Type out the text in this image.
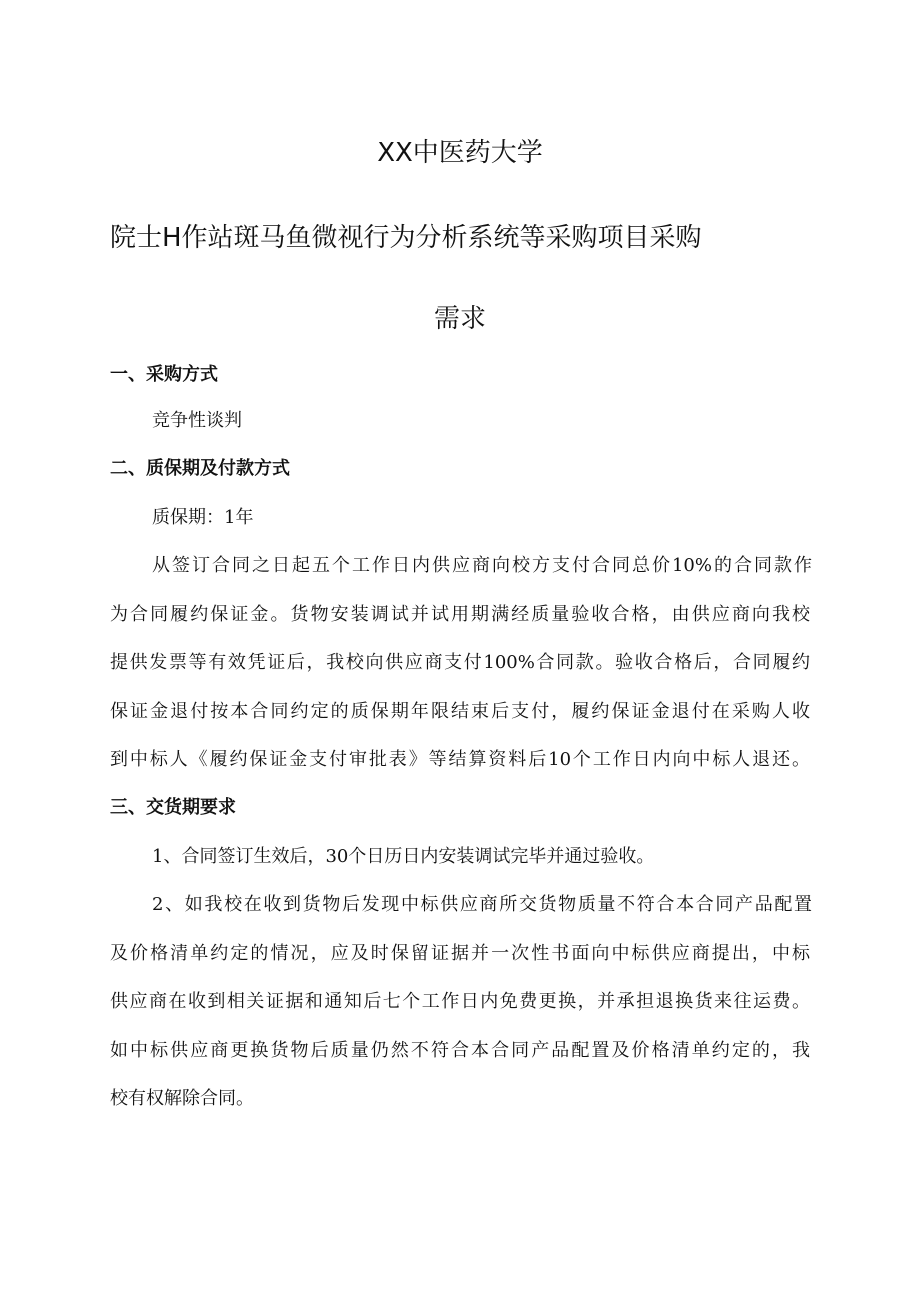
XX中医药大学
院士H作站斑马鱼微视行为分析系统等采购项目采购
需求
一、采购方式
竞争性谈判
二、质保期及付款方式
质保期：1年
从签订合同之日起五个工作日内供应商向校方支付合同总价10%的合同款作
为合同履约保证金。货物安装调试并试用期满经质量验收合格，由供应商向我校
提供发票等有效凭证后，我校向供应商支付100%合同款。验收合格后，合同履约
保证金退付按本合同约定的质保期年限结束后支付，履约保证金退付在采购人收
到中标人《履约保证金支付审批表》等结算资料后10个工作日内向中标人退还。
三、交货期要求
1、合同签订生效后，30个日历日内安装调试完毕并通过验收。
2、如我校在收到货物后发现中标供应商所交货物质量不符合本合同产品配置
及价格清单约定的情况，应及时保留证据并一次性书面向中标供应商提出，中标
供应商在收到相关证据和通知后七个工作日内免费更换，并承担退换货来往运费。
如中标供应商更换货物后质量仍然不符合本合同产品配置及价格清单约定的，我
校有权解除合同。
